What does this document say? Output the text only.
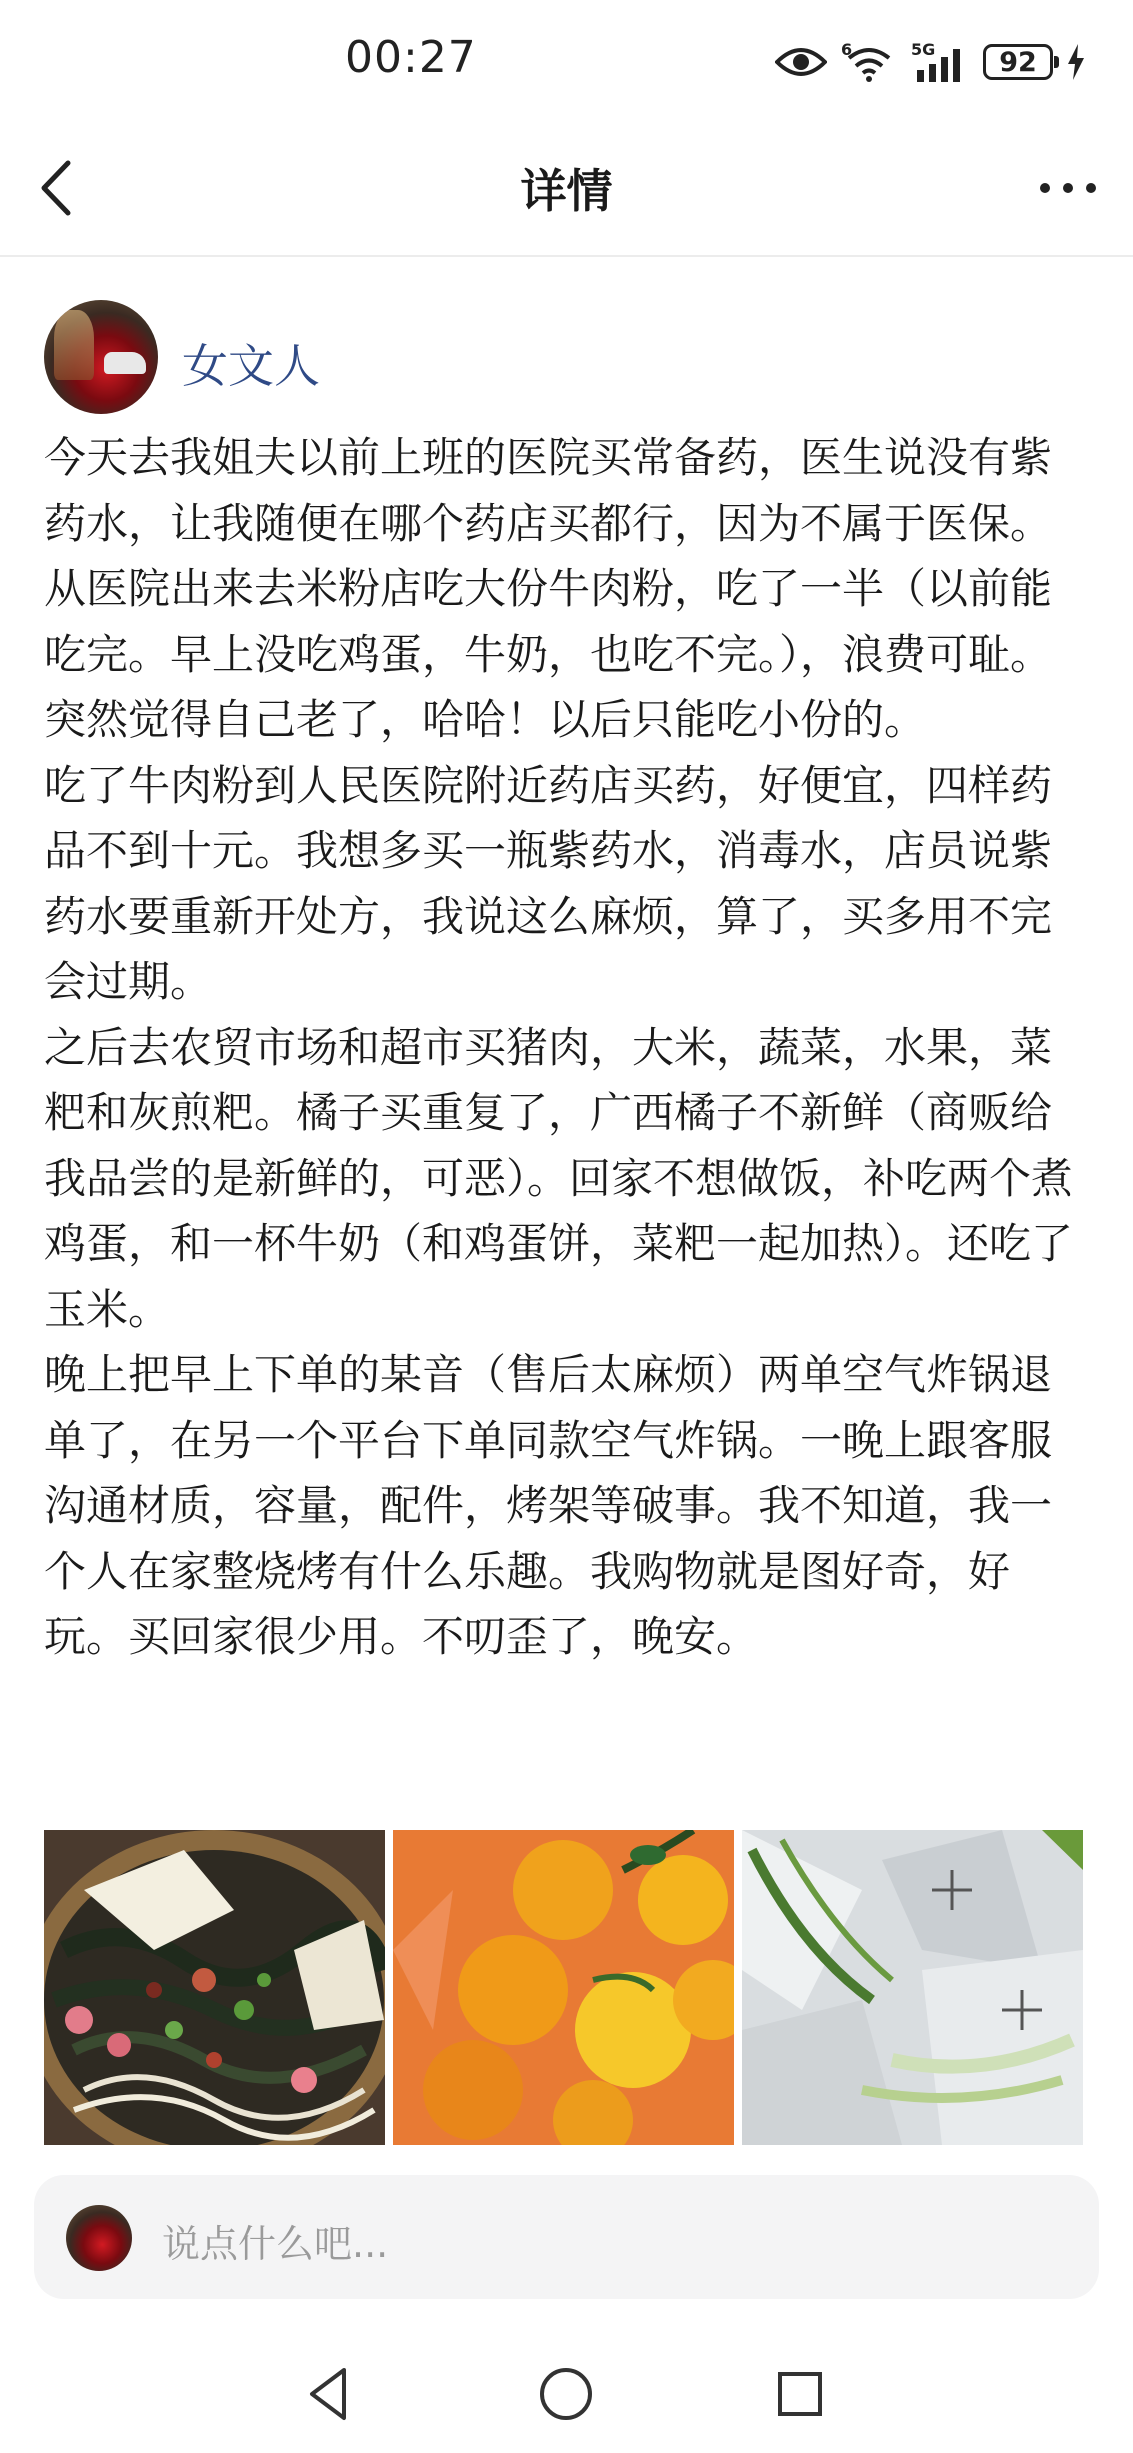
00:27	6	5G 92
详情
女文人

今天去我姐夫以前上班的医院买常备药，医生说没有紫药水，让我随便在哪个药店买都行，因为不属于医保。从医院出来去米粉店吃大份牛肉粉，吃了一半（以前能吃完。早上没吃鸡蛋，牛奶，也吃不完。），浪费可耻。突然觉得自己老了，哈哈！以后只能吃小份的。

吃了牛肉粉到人民医院附近药店买药，好便宜，四样药品不到十元。我想多买一瓶紫药水，消毒水，店员说紫药水要重新开处方，我说这么麻烦，算了，买多用不完会过期。

之后去农贸市场和超市买猪肉，大米，蔬菜，水果，菜粑和灰煎粑。橘子买重复了，广西橘子不新鲜（商贩给我品尝的是新鲜的，可恶）。回家不想做饭，补吃两个煮鸡蛋，和一杯牛奶（和鸡蛋饼，菜粑一起加热）。还吃了玉米。

晚上把早上下单的某音（售后太麻烦）两单空气炸锅退单了，在另一个平台下单同款空气炸锅。一晚上跟客服沟通材质，容量，配件，烤架等破事。我不知道，我一个人在家整烧烤有什么乐趣。我购物就是图好奇，好玩。买回家很少用。不叨歪了，晚安。

说点什么吧...
